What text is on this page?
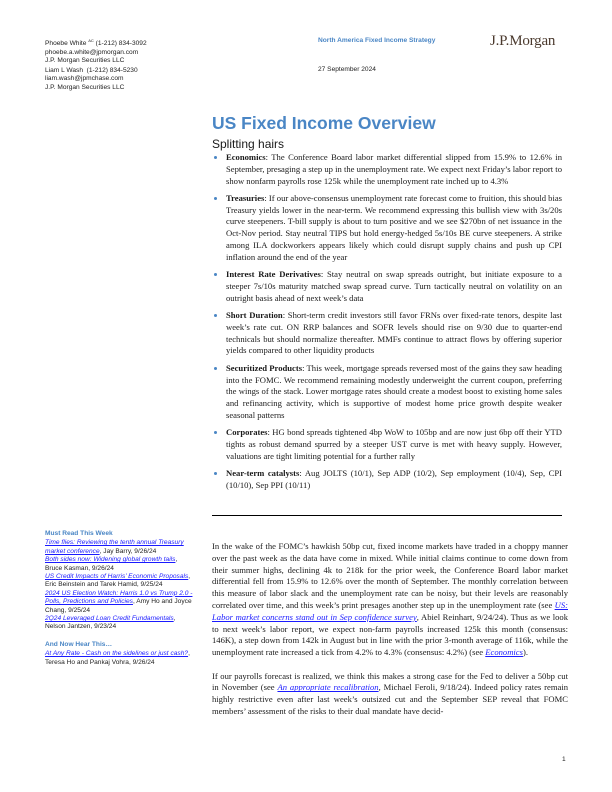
Phoebe White $^{AC}$ (1-212) 834-3092
phoebe.a.white@jpmorgan.com
J.P. Morgan Securities LLC
Liam L Wash (1-212) 834-5230
liam.wash@jpmchase.com
J.P. Morgan Securities LLC
North America Fixed Income Strategy
27 September 2024
J.P.Morgan
US Fixed Income Overview
Splitting hairs
Economics: The Conference Board labor market differential slipped from 15.9% to 12.6% in September, presaging a step up in the unemployment rate. We expect next Friday’s labor report to show nonfarm payrolls rose 125k while the unemployment rate inched up to 4.3%
Treasuries: If our above-consensus unemployment rate forecast come to fruition, this should bias Treasury yields lower in the near-term. We recommend expressing this bullish view with 3s/20s curve steepeners. T-bill supply is about to turn positive and we see $270bn of net issuance in the Oct-Nov period. Stay neutral TIPS but hold energy-hedged 5s/10s BE curve steepeners. A strike among ILA dockworkers appears likely which could disrupt supply chains and push up CPI inflation around the end of the year
Interest Rate Derivatives: Stay neutral on swap spreads outright, but initiate exposure to a steeper 7s/10s maturity matched swap spread curve. Turn tactically neutral on volatility on an outright basis ahead of next week’s data
Short Duration: Short-term credit investors still favor FRNs over fixed-rate tenors, despite last week’s rate cut. ON RRP balances and SOFR levels should rise on 9/30 due to quarter-end technicals but should normalize thereafter. MMFs continue to attract flows by offering superior yields compared to other liquidity products
Securitized Products: This week, mortgage spreads reversed most of the gains they saw heading into the FOMC. We recommend remaining modestly underweight the current coupon, preferring the wings of the stack. Lower mortgage rates should create a modest boost to existing home sales and refinancing activity, which is supportive of modest home price growth despite weaker seasonal patterns
Corporates: HG bond spreads tightened 4bp WoW to 105bp and are now just 6bp off their YTD tights as robust demand spurred by a steeper UST curve is met with heavy supply. However, valuations are tight limiting potential for a further rally
Near-term catalysts: Aug JOLTS (10/1), Sep ADP (10/2), Sep employment (10/4), Sep, CPI (10/10), Sep PPI (10/11)
Must Read This Week
Time flies: Reviewing the tenth annual Treasury market conference, Jay Barry, 9/26/24
Both sides now: Widening global growth tails, Bruce Kasman, 9/26/24
US Credit Impacts of Harris’ Economic Proposals, Eric Beinstein and Tarek Hamid, 9/25/24
2024 US Election Watch: Harris 1.0 vs Trump 2.0 - Polls, Predictions and Policies, Amy Ho and Joyce Chang, 9/25/24
2Q24 Leveraged Loan Credit Fundamentals, Nelson Jantzen, 9/23/24
And Now Hear This…
At Any Rate - Cash on the sidelines or just cash?, Teresa Ho and Pankaj Vohra, 9/26/24

In the wake of the FOMC’s hawkish 50bp cut, fixed income markets have traded in a choppy manner over the past week as the data have come in mixed. While initial claims continue to come down from their summer highs, declining 4k to 218k for the prior week, the Conference Board labor market differential fell from 15.9% to 12.6% over the month of September. The monthly correlation between this measure of labor slack and the unemployment rate can be noisy, but their levels are reasonably correlated over time, and this week’s print presages another step up in the unemployment rate (see US: Labor market concerns stand out in Sep confidence survey, Abiel Reinhart, 9/24/24). Thus as we look to next week’s labor report, we expect non-farm payrolls increased 125k this month (consensus: 146K), a step down from 142k in August but in line with the prior 3-month average of 116k, while the unemployment rate increased a tick from 4.2% to 4.3% (consensus: 4.2%) (see Economics).

If our payrolls forecast is realized, we think this makes a strong case for the Fed to deliver a 50bp cut in November (see An appropriate recalibration, Michael Feroli, 9/18/24). Indeed policy rates remain highly restrictive even after last week’s outsized cut and the September SEP reveal that FOMC members’ assessment of the risks to their dual mandate have decid-

1
